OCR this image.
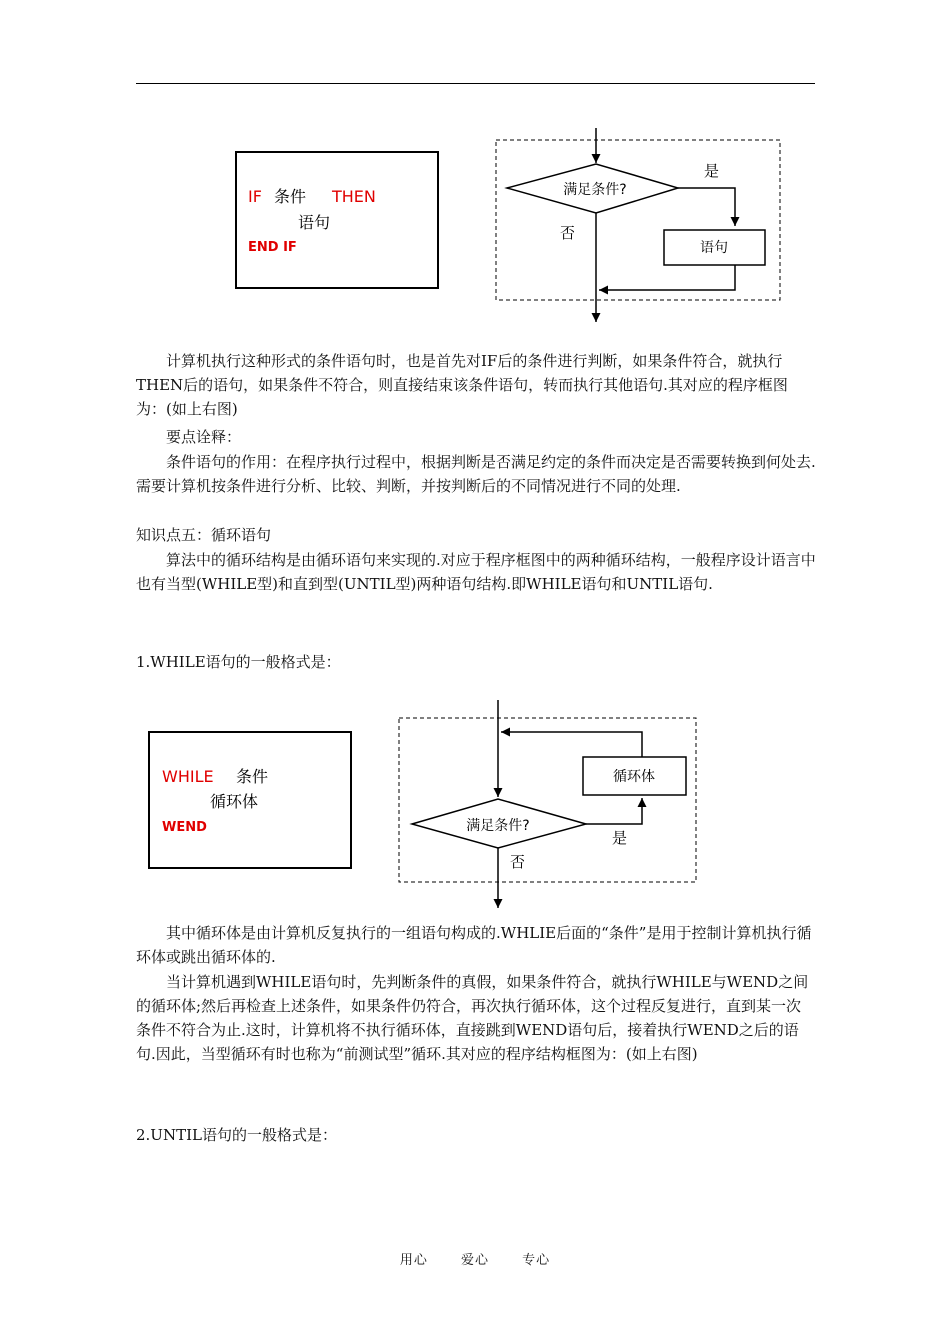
IF 条件 THEN
语句
END IF
满足条件?
是
语句
否

计算机执行这种形式的条件语句时，也是首先对IF后的条件进行判断，如果条件符合，就执行THEN后的语句，如果条件不符合，则直接结束该条件语句，转而执行其他语句.其对应的程序框图为：(如上右图)

要点诠释：

条件语句的作用：在程序执行过程中，根据判断是否满足约定的条件而决定是否需要转换到何处去.需要计算机按条件进行分析、比较、判断，并按判断后的不同情况进行不同的处理.

知识点五：循环语句

算法中的循环结构是由循环语句来实现的.对应于程序框图中的两种循环结构，一般程序设计语言中也有当型(WHILE型)和直到型(UNTIL型)两种语句结构.即WHILE语句和UNTIL语句.

1.WHILE语句的一般格式是：

WHILE 条件
循环体
WEND
循环体
满足条件?
是
否

其中循环体是由计算机反复执行的一组语句构成的.WHLIE后面的“条件”是用于控制计算机执行循环体或跳出循环体的.

当计算机遇到WHILE语句时，先判断条件的真假，如果条件符合，就执行WHILE与WEND之间的循环体;然后再检查上述条件，如果条件仍符合，再次执行循环体，这个过程反复进行，直到某一次条件不符合为止.这时，计算机将不执行循环体，直接跳到WEND语句后，接着执行WEND之后的语句.因此，当型循环有时也称为“前测试型”循环.其对应的程序结构框图为：(如上右图)

2.UNTIL语句的一般格式是：

用心 爱心 专心
